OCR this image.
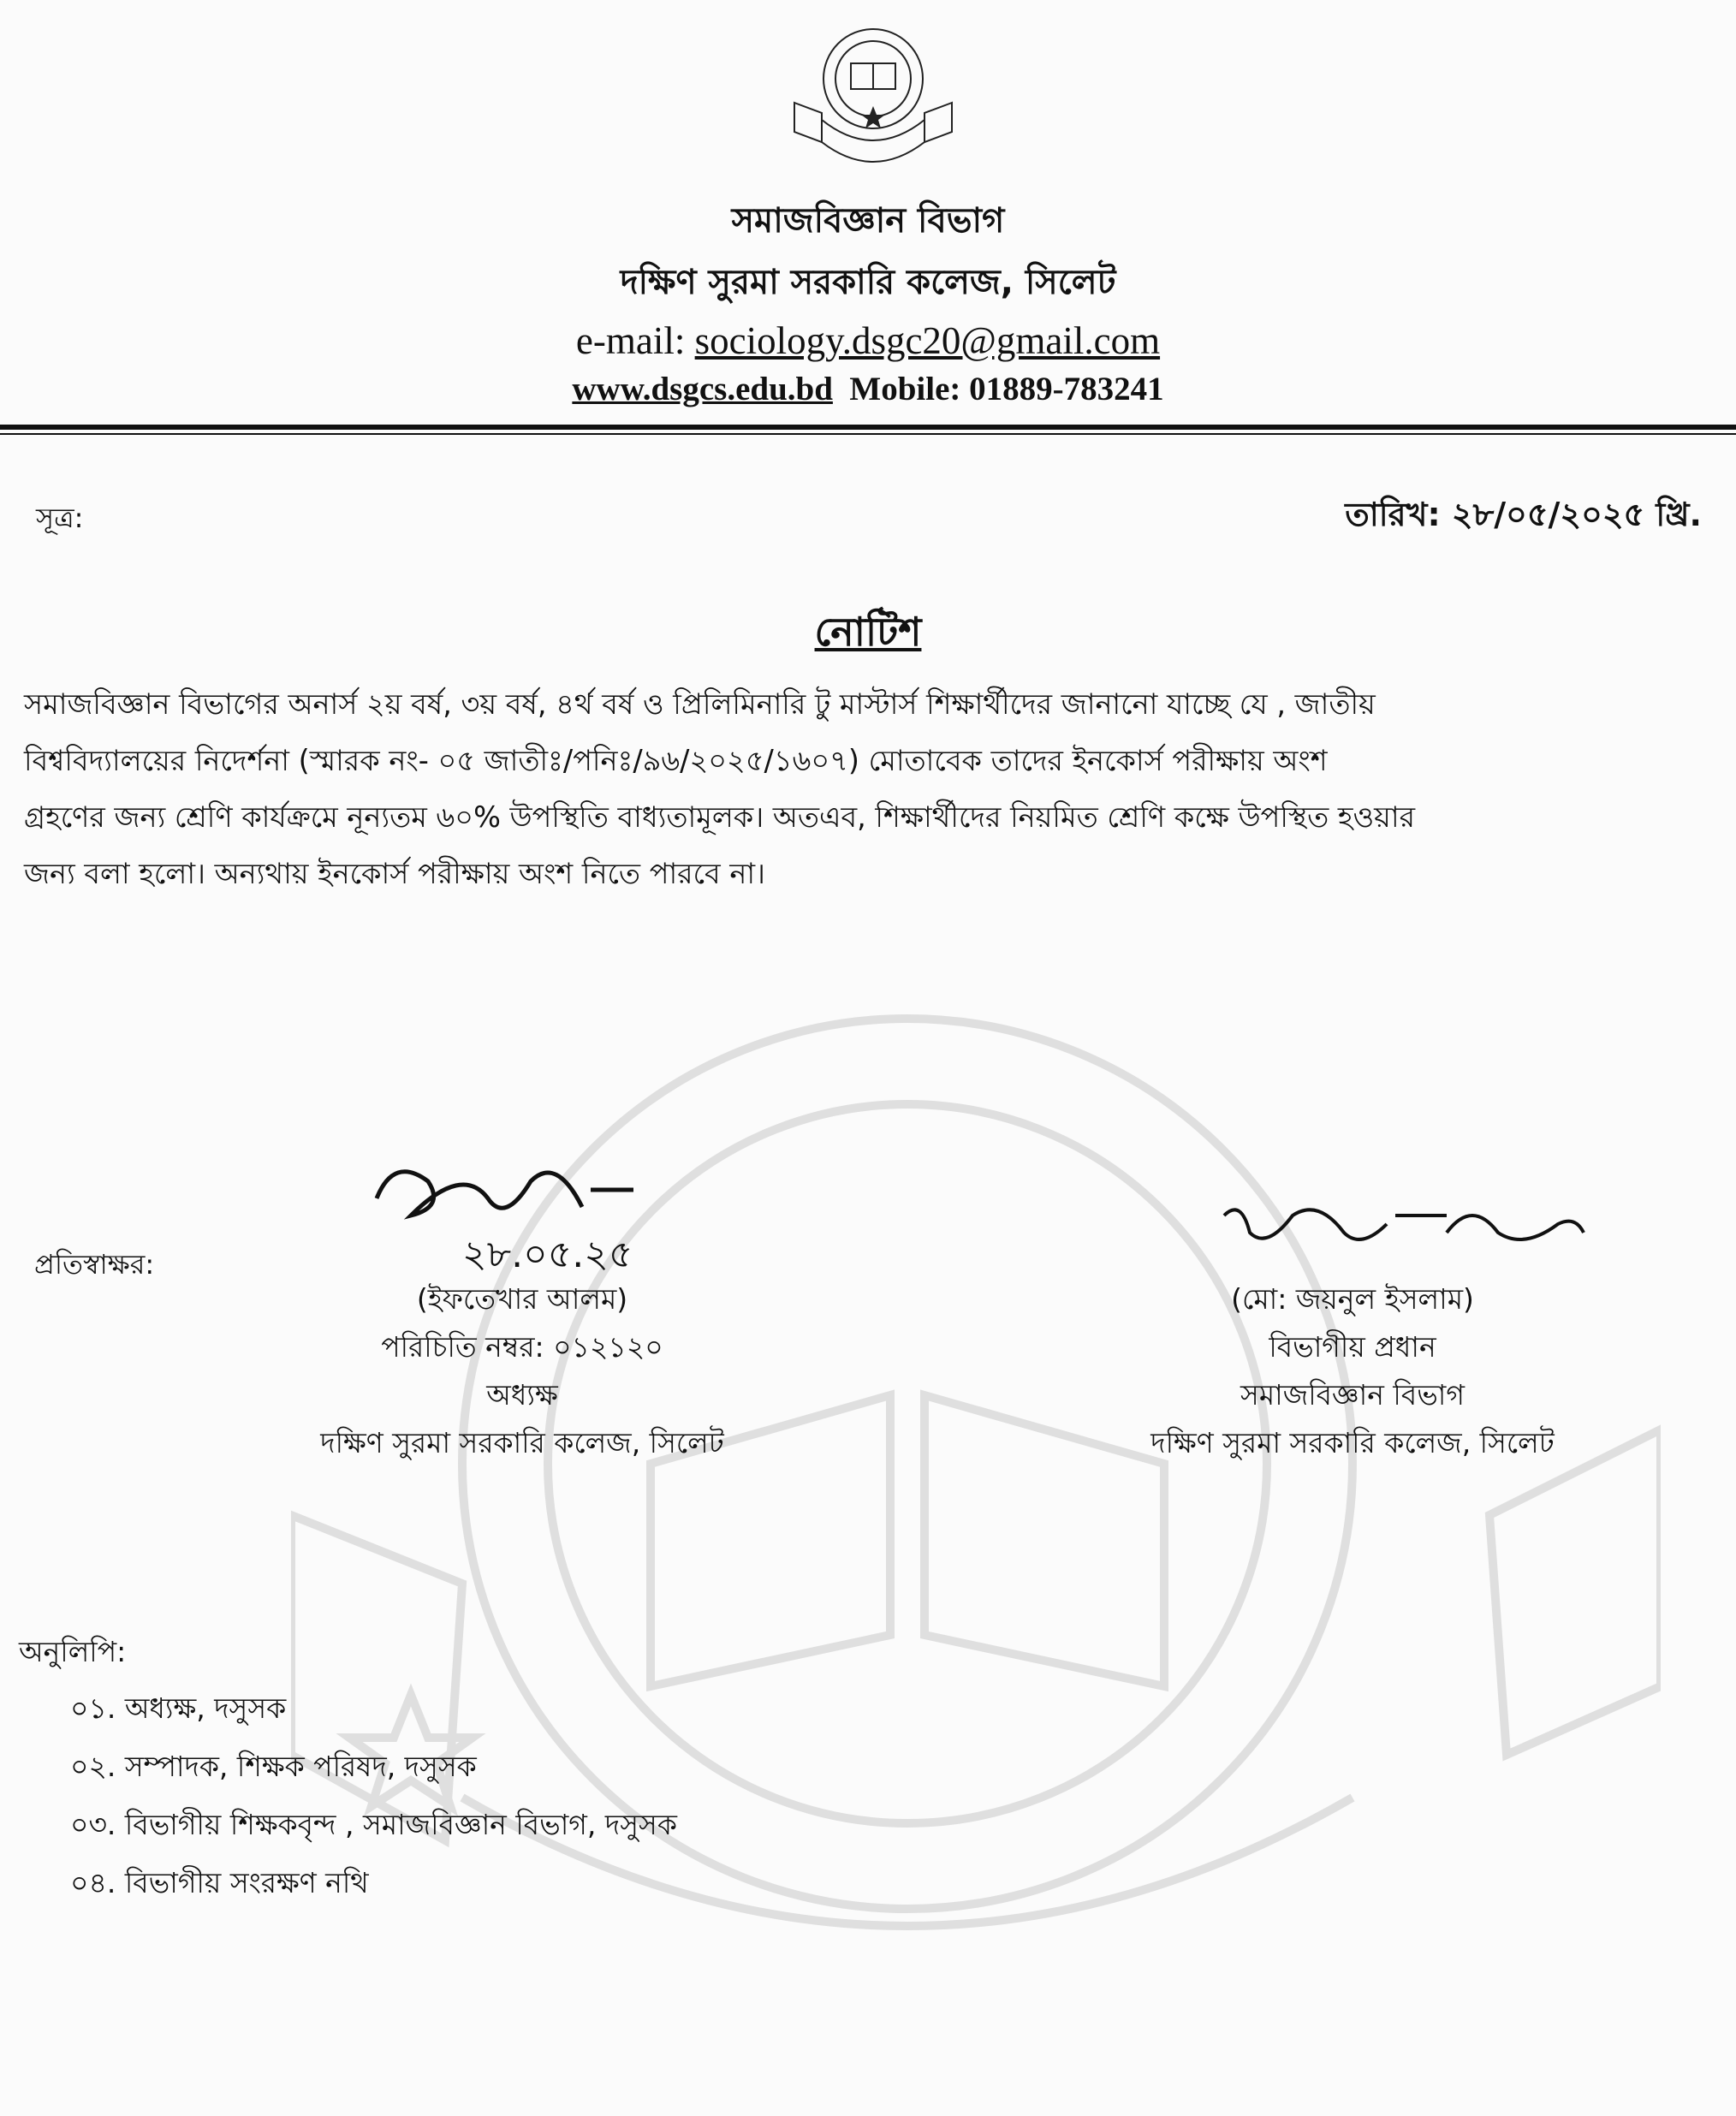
সমাজবিজ্ঞান বিভাগ
দক্ষিণ সুরমা সরকারি কলেজ, সিলেট
e-mail: sociology.dsgc20@gmail.com
www.dsgcs.edu.bd Mobile: 01889-783241
সূত্র:	তারিখ: ২৮/০৫/২০২৫ খ্রি.
নোটিশ
সমাজবিজ্ঞান বিভাগের অনার্স ২য় বর্ষ, ৩য় বর্ষ, ৪র্থ বর্ষ ও প্রিলিমিনারি টু মাস্টার্স শিক্ষার্থীদের জানানো যাচ্ছে যে , জাতীয়
বিশ্ববিদ্যালয়ের নিদের্শনা (স্মারক নং- ০৫ জাতীঃ/পনিঃ/৯৬/২০২৫/১৬০৭) মোতাবেক তাদের ইনকোর্স পরীক্ষায় অংশ
গ্রহণের জন্য শ্রেণি কার্যক্রমে নূন্যতম ৬০% উপস্থিতি বাধ্যতামূলক। অতএব, শিক্ষার্থীদের নিয়মিত শ্রেণি কক্ষে উপস্থিত হওয়ার
জন্য বলা হলো। অন্যথায় ইনকোর্স পরীক্ষায় অংশ নিতে পারবে না।
প্রতিস্বাক্ষর:	২৮.০৫.২৫
(ইফতেখার আলম)
পরিচিতি নম্বর: ০১২১২০
অধ্যক্ষ
দক্ষিণ সুরমা সরকারি কলেজ, সিলেট
(মো: জয়নুল ইসলাম)
বিভাগীয় প্রধান
সমাজবিজ্ঞান বিভাগ
দক্ষিণ সুরমা সরকারি কলেজ, সিলেট
অনুলিপি:
০১. অধ্যক্ষ, দসুসক
০২. সম্পাদক, শিক্ষক পরিষদ, দসুসক
০৩. বিভাগীয় শিক্ষকবৃন্দ , সমাজবিজ্ঞান বিভাগ, দসুসক
০৪. বিভাগীয় সংরক্ষণ নথি
